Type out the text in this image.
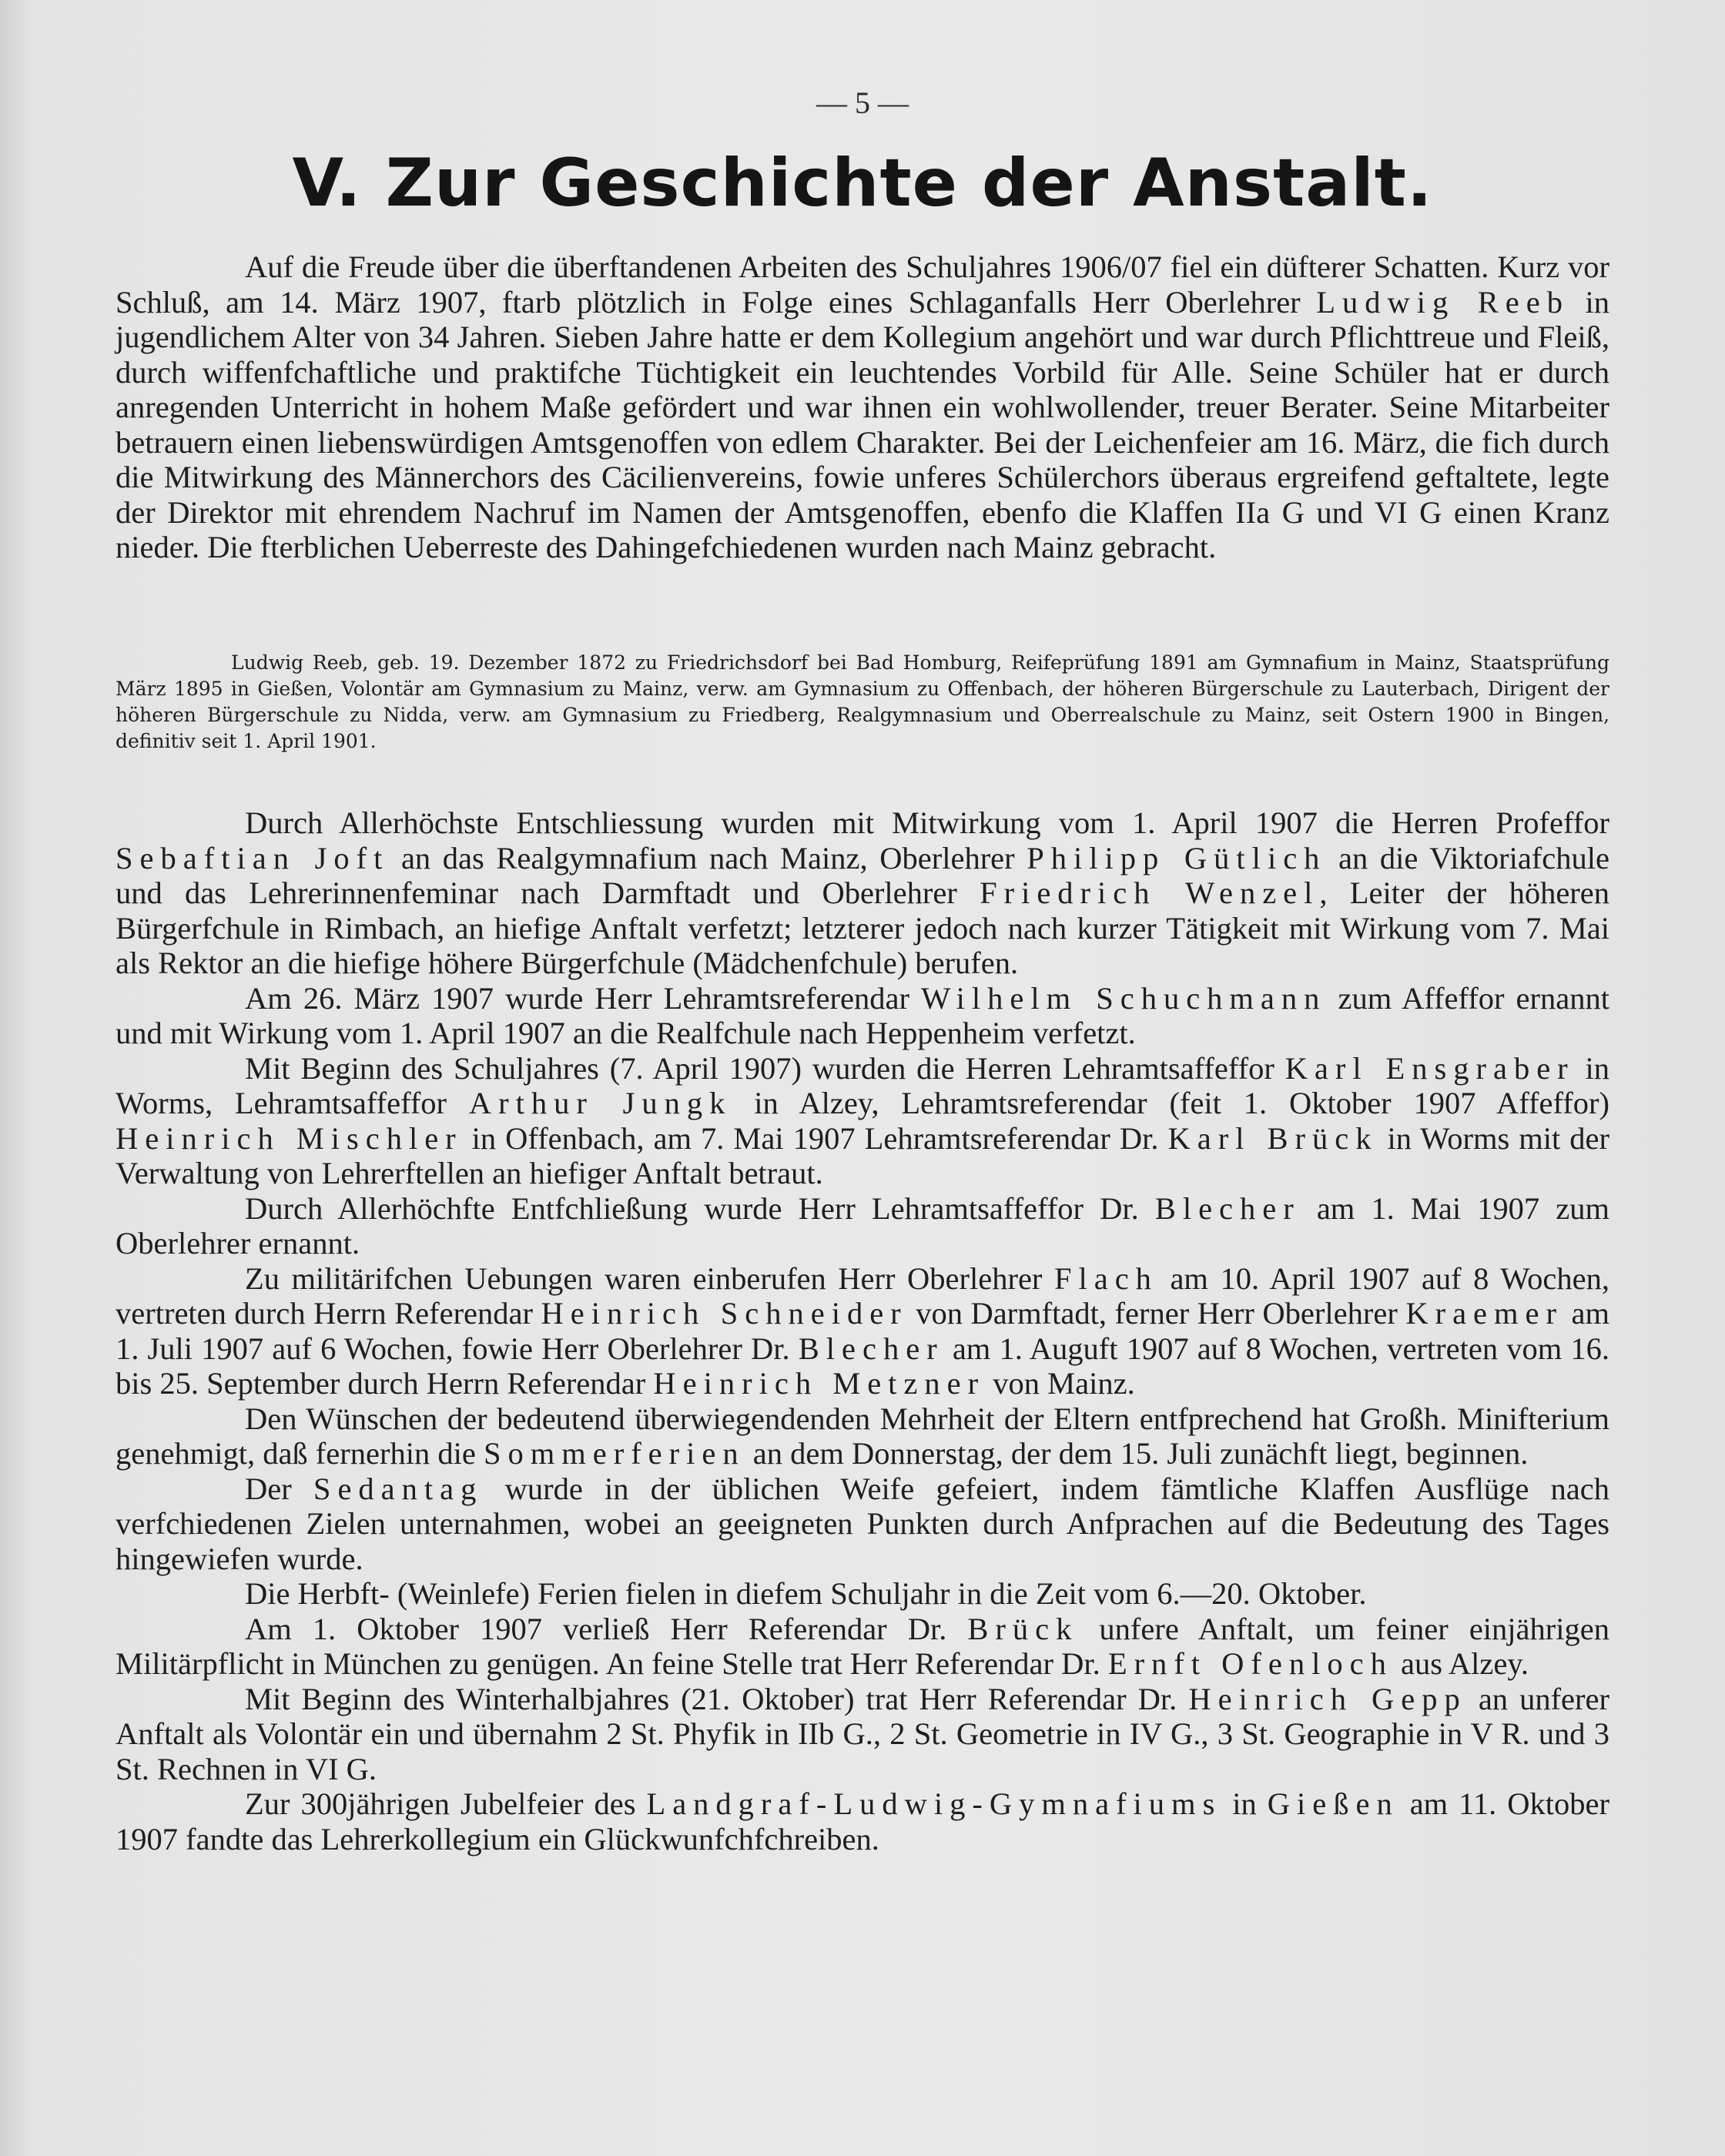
— 5 —
V. Zur Geschichte der Anstalt.

Auf die Freude über die überftandenen Arbeiten des Schuljahres 1906/07 fiel ein düfterer Schatten. Kurz vor Schluß, am 14. März 1907, ftarb plötzlich in Folge eines Schlaganfalls Herr Oberlehrer Ludwig Reeb in jugendlichem Alter von 34 Jahren. Sieben Jahre hatte er dem Kollegium angehört und war durch Pflichttreue und Fleiß, durch wiffenfchaftliche und praktifche Tüchtigkeit ein leuchtendes Vorbild für Alle. Seine Schüler hat er durch anregenden Unterricht in hohem Maße gefördert und war ihnen ein wohlwollender, treuer Berater. Seine Mitarbeiter betrauern einen liebenswürdigen Amtsgenoffen von edlem Charakter. Bei der Leichenfeier am 16. März, die fich durch die Mitwirkung des Männerchors des Cäcilienvereins, fowie unferes Schülerchors überaus ergreifend geftaltete, legte der Direktor mit ehrendem Nachruf im Namen der Amtsgenoffen, ebenfo die Klaffen IIa G und VI G einen Kranz nieder. Die fterblichen Ueberreste des Dahingefchiedenen wurden nach Mainz gebracht.

Ludwig Reeb, geb. 19. Dezember 1872 zu Friedrichsdorf bei Bad Homburg, Reifeprüfung 1891 am Gymnafium in Mainz, Staatsprüfung März 1895 in Gießen, Volontär am Gymnasium zu Mainz, verw. am Gymnasium zu Offenbach, der höheren Bürgerschule zu Lauterbach, Dirigent der höheren Bürgerschule zu Nidda, verw. am Gymnasium zu Friedberg, Realgymnasium und Oberrealschule zu Mainz, seit Ostern 1900 in Bingen, definitiv seit 1. April 1901.

Durch Allerhöchste Entschliessung wurden mit Mitwirkung vom 1. April 1907 die Herren Profeffor Sebaftian Joft an das Realgymnafium nach Mainz, Oberlehrer Philipp Gütlich an die Viktoriafchule und das Lehrerinnenfeminar nach Darmftadt und Oberlehrer Friedrich Wenzel, Leiter der höheren Bürgerfchule in Rimbach, an hiefige Anftalt verfetzt; letzterer jedoch nach kurzer Tätigkeit mit Wirkung vom 7. Mai als Rektor an die hiefige höhere Bürgerfchule (Mädchenfchule) berufen.

Am 26. März 1907 wurde Herr Lehramtsreferendar Wilhelm Schuchmann zum Affeffor ernannt und mit Wirkung vom 1. April 1907 an die Realfchule nach Heppenheim verfetzt.

Mit Beginn des Schuljahres (7. April 1907) wurden die Herren Lehramtsaffeffor Karl Ensgraber in Worms, Lehramtsaffeffor Arthur Jungk in Alzey, Lehramtsreferendar (feit 1. Oktober 1907 Affeffor) Heinrich Mischler in Offenbach, am 7. Mai 1907 Lehramtsreferendar Dr. Karl Brück in Worms mit der Verwaltung von Lehrerftellen an hiefiger Anftalt betraut.

Durch Allerhöchfte Entfchließung wurde Herr Lehramtsaffeffor Dr. Blecher am 1. Mai 1907 zum Oberlehrer ernannt.

Zu militärifchen Uebungen waren einberufen Herr Oberlehrer Flach am 10. April 1907 auf 8 Wochen, vertreten durch Herrn Referendar Heinrich Schneider von Darmftadt, ferner Herr Oberlehrer Kraemer am 1. Juli 1907 auf 6 Wochen, fowie Herr Oberlehrer Dr. Blecher am 1. Auguft 1907 auf 8 Wochen, vertreten vom 16. bis 25. September durch Herrn Referendar Heinrich Metzner von Mainz.

Den Wünschen der bedeutend überwiegendenden Mehrheit der Eltern entfprechend hat Großh. Minifterium genehmigt, daß fernerhin die Sommerferien an dem Donnerstag, der dem 15. Juli zunächft liegt, beginnen.

Der Sedantag wurde in der üblichen Weife gefeiert, indem fämtliche Klaffen Ausflüge nach verfchiedenen Zielen unternahmen, wobei an geeigneten Punkten durch Anfprachen auf die Bedeutung des Tages hingewiefen wurde.

Die Herbft- (Weinlefe) Ferien fielen in diefem Schuljahr in die Zeit vom 6.—20. Oktober.

Am 1. Oktober 1907 verließ Herr Referendar Dr. Brück unfere Anftalt, um feiner einjährigen Militärpflicht in München zu genügen. An feine Stelle trat Herr Referendar Dr. Ernft Ofenloch aus Alzey.

Mit Beginn des Winterhalbjahres (21. Oktober) trat Herr Referendar Dr. Heinrich Gepp an unferer Anftalt als Volontär ein und übernahm 2 St. Phyfik in IIb G., 2 St. Geometrie in IV G., 3 St. Geographie in V R. und 3 St. Rechnen in VI G.

Zur 300jährigen Jubelfeier des Landgraf-Ludwig-Gymnafiums in Gießen am 11. Oktober 1907 fandte das Lehrerkollegium ein Glückwunfchfchreiben.
